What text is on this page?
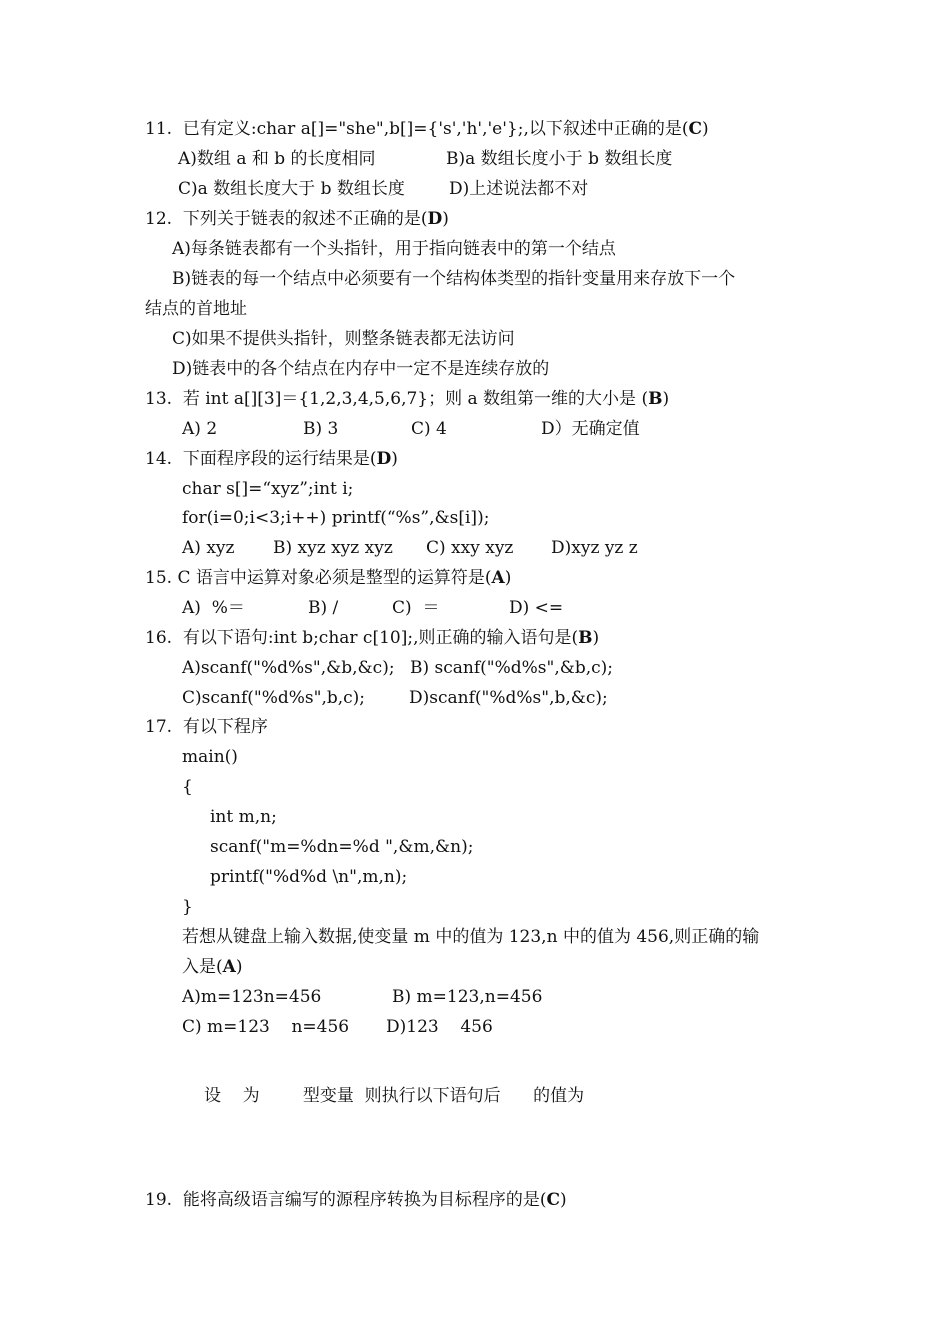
11.  已有定义:char a[]="she",b[]={'s','h','e'};,以下叙述中正确的是(C)
A)数组 a 和 b 的长度相同	B)a 数组长度小于 b 数组长度
C)a 数组长度大于 b 数组长度	D)上述说法都不对
12.  下列关于链表的叙述不正确的是(D)
A)每条链表都有一个头指针，用于指向链表中的第一个结点
B)链表的每一个结点中必须要有一个结构体类型的指针变量用来存放下一个
结点的首地址
C)如果不提供头指针，则整条链表都无法访问
D)链表中的各个结点在内存中一定不是连续存放的
13.  若 int a[][3]＝{1,2,3,4,5,6,7}；则 a 数组第一维的大小是 (B)
A) 2	B) 3	C) 4	D）无确定值
14.  下面程序段的运行结果是(D)
char s[]=“xyz”;int i;
for(i=0;i<3;i++) printf(“%s”,&s[i]);
A) xyz B) xyz xyz xyz C) xxy xyz D)xyz yz z
15. C 语言中运算对象必须是整型的运算符是(A)
A)  %＝	B) /	C)  ＝	D) <=
16.  有以下语句:int b;char c[10];,则正确的输入语句是(B)
A)scanf("%d%s",&b,&c); B) scanf("%d%s",&b,c);
C)scanf("%d%s",b,c);	D)scanf("%d%s",b,&c);
17.  有以下程序
main()
{
int m,n;
scanf("m=%dn=%d ",&m,&n);
printf("%d%d \n",m,n);
}
若想从键盘上输入数据,使变量 m 中的值为 123,n 中的值为 456,则正确的输
入是(A)
A)m=123n=456	B) m=123,n=456
C) m=123    n=456 D)123    456
设    为        型变量  则执行以下语句后      的值为
19.  能将高级语言编写的源程序转换为目标程序的是(C)
